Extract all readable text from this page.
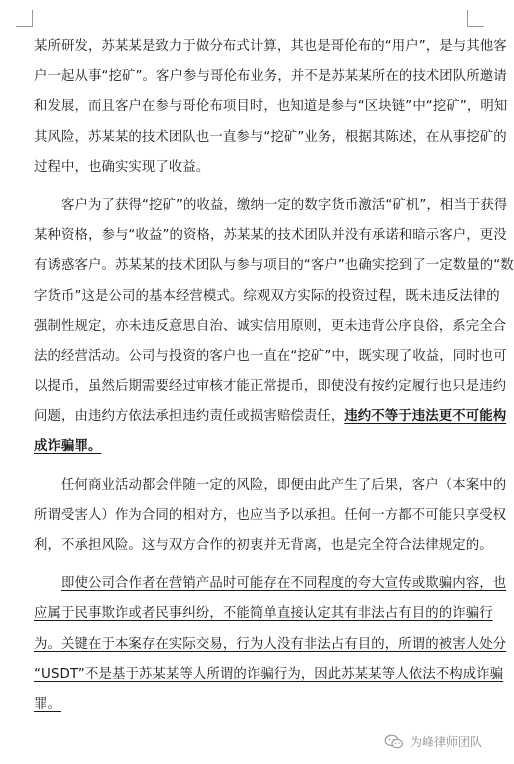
某所研发，苏某某是致力于做分布式计算，其也是哥伦布的“用户”，是与其他客
户一起从事“挖矿”。客户参与哥伦布业务，并不是苏某某所在的技术团队所邀请
和发展，而且客户在参与哥伦布项目时，也知道是参与“区块链”中“挖矿”，明知
其风险，苏某某的技术团队也一直参与“挖矿”业务，根据其陈述，在从事挖矿的
过程中，也确实实现了收益。
客户为了获得“挖矿”的收益，缴纳一定的数字货币激活“矿机”，相当于获得
某种资格，参与“收益”的资格，苏某某的技术团队并没有承诺和暗示客户，更没
有诱惑客户。苏某某的技术团队与参与项目的“客户”也确实挖到了一定数量的“数
字货币”这是公司的基本经营模式。综观双方实际的投资过程，既未违反法律的
强制性规定，亦未违反意思自治、诚实信用原则，更未违背公序良俗，系完全合
法的经营活动。公司与投资的客户也一直在“挖矿”中，既实现了收益，同时也可
以提币，虽然后期需要经过审核才能正常提币，即使没有按约定履行也只是违约
问题，由违约方依法承担违约责任或损害赔偿责任，违约不等于违法更不可能构
成诈骗罪。
任何商业活动都会伴随一定的风险，即便由此产生了后果，客户（本案中的
所谓受害人）作为合同的相对方，也应当予以承担。任何一方都不可能只享受权
利，不承担风险。这与双方合作的初衷并无背离，也是完全符合法律规定的。
即使公司合作者在营销产品时可能存在不同程度的夸大宣传或欺骗内容，也
应属于民事欺诈或者民事纠纷，不能简单直接认定其有非法占有目的的诈骗行
为。关键在于本案存在实际交易，行为人没有非法占有目的，所谓的被害人处分
“USDT”不是基于苏某某等人所谓的诈骗行为，因此苏某某等人依法不构成诈骗
罪。
为峰律师团队
